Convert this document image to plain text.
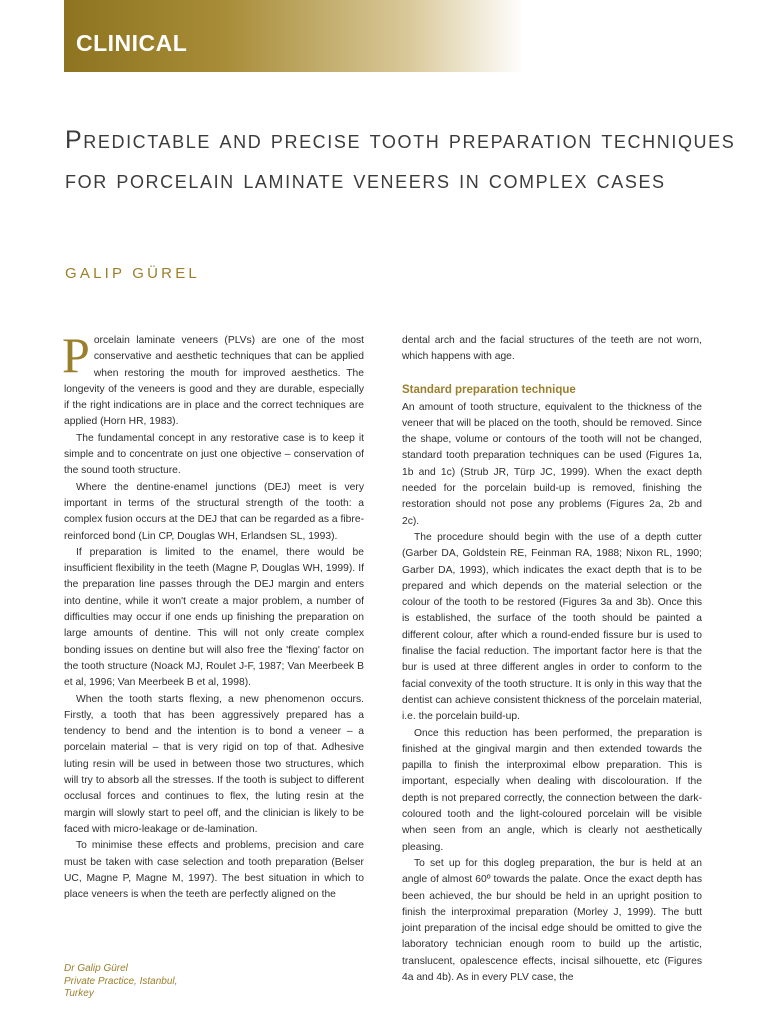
CLINICAL
Predictable and precise tooth preparation techniques for porcelain laminate veneers in complex cases
GALIP GÜREL

Porcelain laminate veneers (PLVs) are one of the most conservative and aesthetic techniques that can be applied when restoring the mouth for improved aesthetics. The longevity of the veneers is good and they are durable, especially if the right indications are in place and the correct techniques are applied (Horn HR, 1983).

The fundamental concept in any restorative case is to keep it simple and to concentrate on just one objective – conservation of the sound tooth structure.

Where the dentine-enamel junctions (DEJ) meet is very important in terms of the structural strength of the tooth: a complex fusion occurs at the DEJ that can be regarded as a fibre-reinforced bond (Lin CP, Douglas WH, Erlandsen SL, 1993).

If preparation is limited to the enamel, there would be insufficient flexibility in the teeth (Magne P, Douglas WH, 1999). If the preparation line passes through the DEJ margin and enters into dentine, while it won't create a major problem, a number of difficulties may occur if one ends up finishing the preparation on large amounts of dentine. This will not only create complex bonding issues on dentine but will also free the 'flexing' factor on the tooth structure (Noack MJ, Roulet J-F, 1987; Van Meerbeek B et al, 1996; Van Meerbeek B et al, 1998).

When the tooth starts flexing, a new phenomenon occurs. Firstly, a tooth that has been aggressively prepared has a tendency to bend and the intention is to bond a veneer – a porcelain material – that is very rigid on top of that. Adhesive luting resin will be used in between those two structures, which will try to absorb all the stresses. If the tooth is subject to different occlusal forces and continues to flex, the luting resin at the margin will slowly start to peel off, and the clinician is likely to be faced with micro-leakage or de-lamination.

To minimise these effects and problems, precision and care must be taken with case selection and tooth preparation (Belser UC, Magne P, Magne M, 1997). The best situation in which to place veneers is when the teeth are perfectly aligned on the

dental arch and the facial structures of the teeth are not worn, which happens with age.

Standard preparation technique

An amount of tooth structure, equivalent to the thickness of the veneer that will be placed on the tooth, should be removed. Since the shape, volume or contours of the tooth will not be changed, standard tooth preparation techniques can be used (Figures 1a, 1b and 1c) (Strub JR, Türp JC, 1999). When the exact depth needed for the porcelain build-up is removed, finishing the restoration should not pose any problems (Figures 2a, 2b and 2c).

The procedure should begin with the use of a depth cutter (Garber DA, Goldstein RE, Feinman RA, 1988; Nixon RL, 1990; Garber DA, 1993), which indicates the exact depth that is to be prepared and which depends on the material selection or the colour of the tooth to be restored (Figures 3a and 3b). Once this is established, the surface of the tooth should be painted a different colour, after which a round-ended fissure bur is used to finalise the facial reduction. The important factor here is that the bur is used at three different angles in order to conform to the facial convexity of the tooth structure. It is only in this way that the dentist can achieve consistent thickness of the porcelain material, i.e. the porcelain build-up.

Once this reduction has been performed, the preparation is finished at the gingival margin and then extended towards the papilla to finish the interproximal elbow preparation. This is important, especially when dealing with discolouration. If the depth is not prepared correctly, the connection between the dark-coloured tooth and the light-coloured porcelain will be visible when seen from an angle, which is clearly not aesthetically pleasing.

To set up for this dogleg preparation, the bur is held at an angle of almost 60º towards the palate. Once the exact depth has been achieved, the bur should be held in an upright position to finish the interproximal preparation (Morley J, 1999). The butt joint preparation of the incisal edge should be omitted to give the laboratory technician enough room to build up the artistic, translucent, opalescence effects, incisal silhouette, etc (Figures 4a and 4b). As in every PLV case, the

Dr Galip Gürel
Private Practice, Istanbul,
Turkey
